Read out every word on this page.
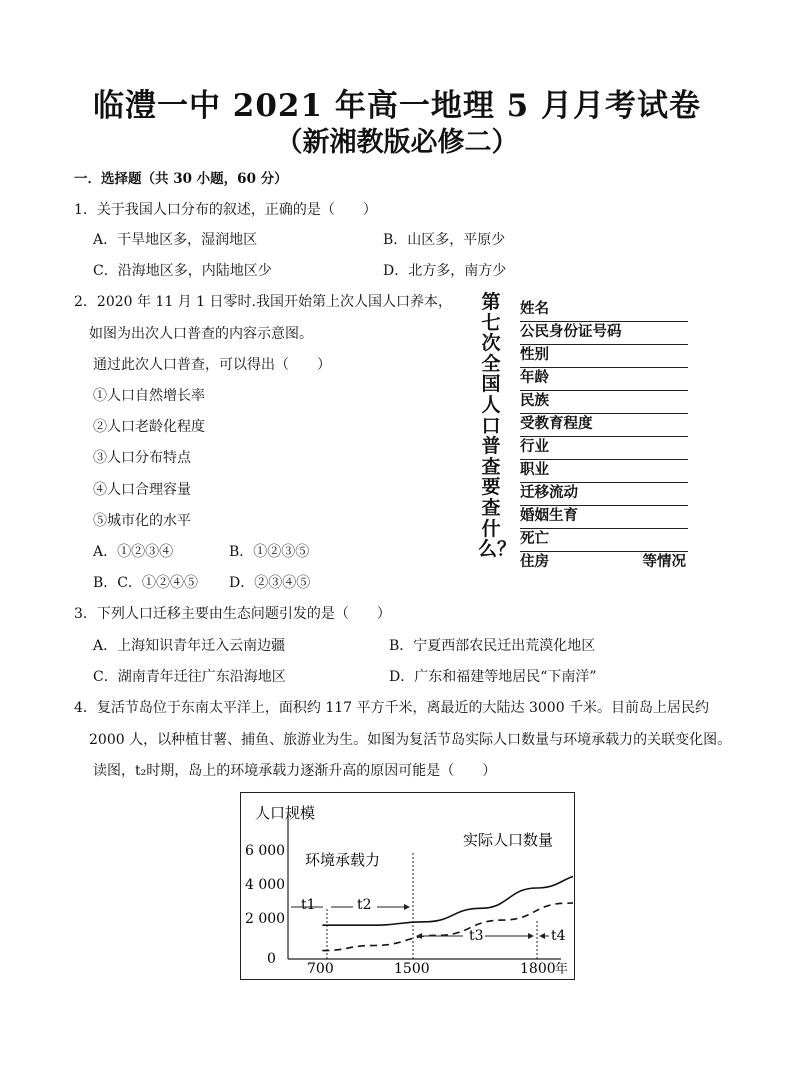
临澧一中 2021 年高一地理 5 月月考试卷
（新湘教版必修二）
一．选择题（共 30 小题，60 分）
1．关于我国人口分布的叙述，正确的是（　　）
A．干旱地区多，湿润地区	B．山区多，平原少
C．沿海地区多，内陆地区少	D．北方多，南方少
2．2020 年 11 月 1 日零时.我国开始第上次人国人口养本，
如图为出次人口普查的内容示意图。
通过此次人口普查，可以得出（　　）
①人口自然增长率
②人口老龄化程度
③人口分布特点
④人口合理容量
⑤城市化的水平
A．①②③④	B．①②③⑤
B．C．①②④⑤ D．②③④⑤
第七次全国人口普查要查什么？
姓名
公民身份证号码
性别
年龄
民族
受教育程度
行业
职业
迁移流动
婚姻生育
死亡
住房	等情况
3．下列人口迁移主要由生态问题引发的是（　　）
A．上海知识青年迁入云南边疆	B．宁夏西部农民迁出荒漠化地区
C．湖南青年迁往广东沿海地区	D．广东和福建等地居民“下南洋”
4．复活节岛位于东南太平洋上，面积约 117 平方千米，离最近的大陆达 3000 千米。目前岛上居民约
2000 人，以种植甘薯、捕鱼、旅游业为生。如图为复活节岛实际人口数量与环境承载力的关联变化图。
读图，t₂时期，岛上的环境承载力逐渐升高的原因可能是（　　）
人口规模
年
6 000
4 000
2 000
0
700	1500	1800
环境承载力
实际人口数量
t1	t2
t3	t4
